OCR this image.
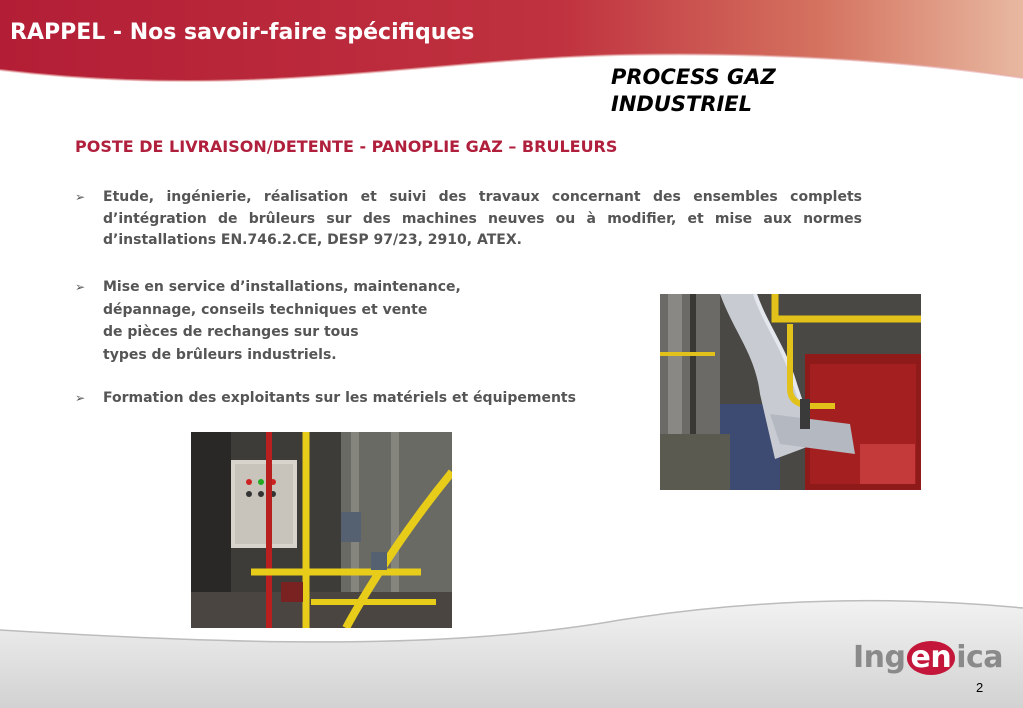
RAPPEL - Nos savoir-faire spécifiques
PROCESS GAZ
INDUSTRIEL
POSTE DE LIVRAISON/DETENTE - PANOPLIE GAZ – BRULEURS
➢ Etude, ingénierie, réalisation et suivi des travaux concernant des ensembles complets d’intégration de brûleurs sur des machines neuves ou à modifier, et mise aux normes d’installations EN.746.2.CE, DESP 97/23, 2910, ATEX.
➢ Mise en service d’installations, maintenance,
dépannage, conseils techniques et vente
de pièces de rechanges sur tous
types de brûleurs industriels.
➢ Formation des exploitants sur les matériels et équipements
Ing en ica
2
